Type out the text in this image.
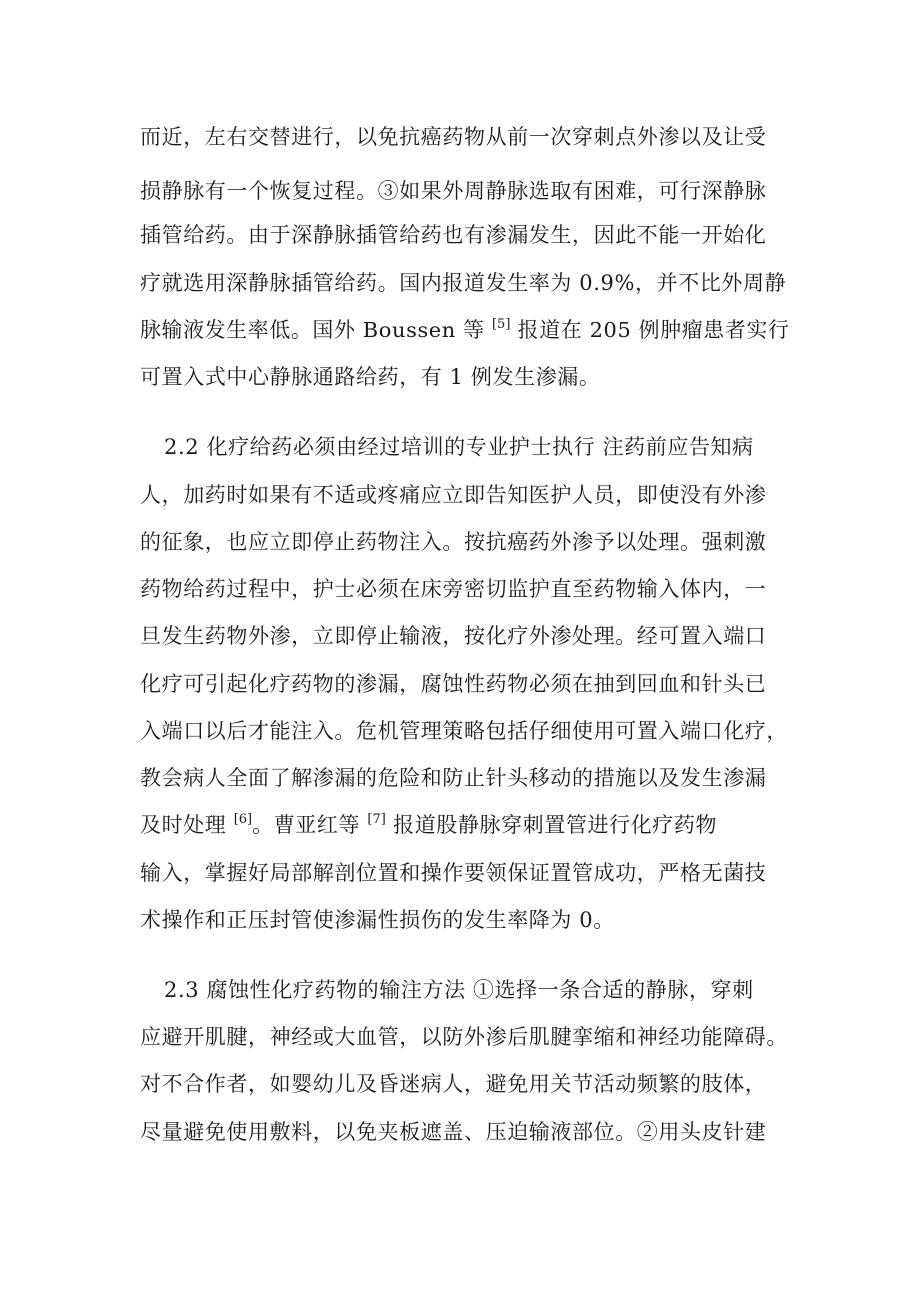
而近，左右交替进行，以免抗癌药物从前一次穿刺点外渗以及让受
损静脉有一个恢复过程。③如果外周静脉选取有困难，可行深静脉
插管给药。由于深静脉插管给药也有渗漏发生，因此不能一开始化
疗就选用深静脉插管给药。国内报道发生率为 0.9%，并不比外周静
脉输液发生率低。国外 Boussen 等 [5] 报道在 205 例肿瘤患者实行
可置入式中心静脉通路给药，有 1 例发生渗漏。
2.2 化疗给药必须由经过培训的专业护士执行 注药前应告知病
人，加药时如果有不适或疼痛应立即告知医护人员，即使没有外渗
的征象，也应立即停止药物注入。按抗癌药外渗予以处理。强刺激
药物给药过程中，护士必须在床旁密切监护直至药物输入体内，一
旦发生药物外渗，立即停止输液，按化疗外渗处理。经可置入端口
化疗可引起化疗药物的渗漏，腐蚀性药物必须在抽到回血和针头已
入端口以后才能注入。危机管理策略包括仔细使用可置入端口化疗，
教会病人全面了解渗漏的危险和防止针头移动的措施以及发生渗漏
及时处理 [6]。曹亚红等 [7] 报道股静脉穿刺置管进行化疗药物
输入，掌握好局部解剖位置和操作要领保证置管成功，严格无菌技
术操作和正压封管使渗漏性损伤的发生率降为 0。
2.3 腐蚀性化疗药物的输注方法 ①选择一条合适的静脉，穿刺
应避开肌腱，神经或大血管，以防外渗后肌腱挛缩和神经功能障碍。
对不合作者，如婴幼儿及昏迷病人，避免用关节活动频繁的肢体，
尽量避免使用敷料，以免夹板遮盖、压迫输液部位。②用头皮针建
